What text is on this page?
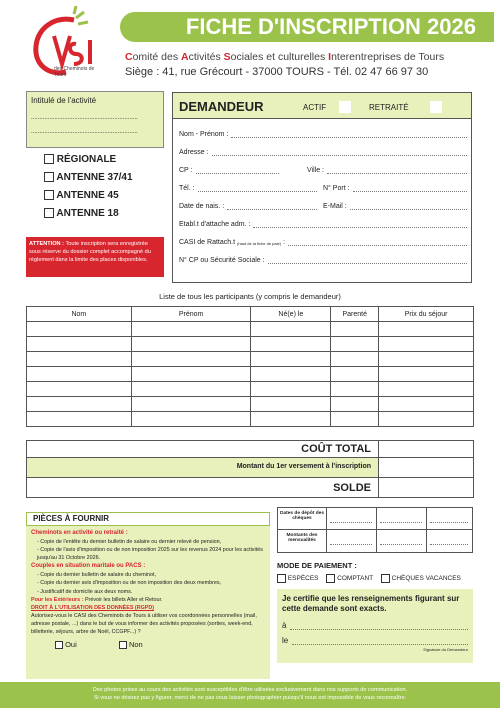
des Cheminots de Tours
FICHE D'INSCRIPTION 2026
Comité des Activités Sociales et culturelles Interentreprises de Tours
Siège : 41, rue Grécourt - 37000 TOURS - Tél. 02 47 66 97 30
Intitulé de l'activité
................................................................
................................................................
RÉGIONALE
ANTENNE 37/41
ANTENNE 45
ANTENNE 18
ATTENTION : Toute inscription sera enregistrée sous réserve du dossier complet accompagné du règlement dans la limite des places disponibles.
DEMANDEUR	ACTIF	RETRAITÉ
Nom - Prénom :
Adresse :
CP :	Ville :
Tél. :	N° Port :
Date de nais. :	E-Mail :
Etabl.t d'attache adm. :
CASI de Rattach.t (haut de la fiche de paie) :
N° CP ou Sécurité Sociale :
Liste de tous les participants (y compris le demandeur)
Nom	Prénom	Né(e) le	Parenté	Prix du séjour

COÛT TOTAL
Montant du 1er versement à l'inscription
SOLDE
PIÈCES À FOURNIR
Cheminots en activité ou retraité :
- Copie de l'entête du dernier bulletin de salaire ou dernier relevé de pension,
- Copie de l'avis d'imposition ou de non imposition 2025 sur les revenus 2024 pour les activités jusqu'au 31 Octobre 2026.
Couples en situation maritale ou PACS :
- Copie du dernier bulletin de salaire du cheminot,
- Copie du dernier avis d'imposition ou de non imposition des deux membres,
- Justificatif de domicile aux deux noms.
Pour les Extérieurs : Prévoir les billets Aller et Retour.
DROIT À L'UTILISATION DES DONNÉES (RGPD)
Autorisez-vous le CASI des Cheminots de Tours à utiliser vos coordonnées personnelles (mail, adresse postale, ...) dans le but de vous informer des activités proposées (sorties, week-end, billetterie, séjours, arbre de Noël, CCGPF...) ?
Oui	Non
Dates de dépôt des chèques
Montants des mensualités
MODE DE PAIEMENT :
ESPÈCES	COMPTANT	CHÈQUES VACANCES
Je certifie que les renseignements figurant sur cette demande sont exacts.
à
le
Signature du Demandeur
Des photos prises au cours des activités sont susceptibles d'être utilisées exclusivement dans nos supports de communication.
Si vous ne désirez pas y figurer, merci de ne pas vous laisser photographier puisqu'il nous est impossible de vous reconnaître.
